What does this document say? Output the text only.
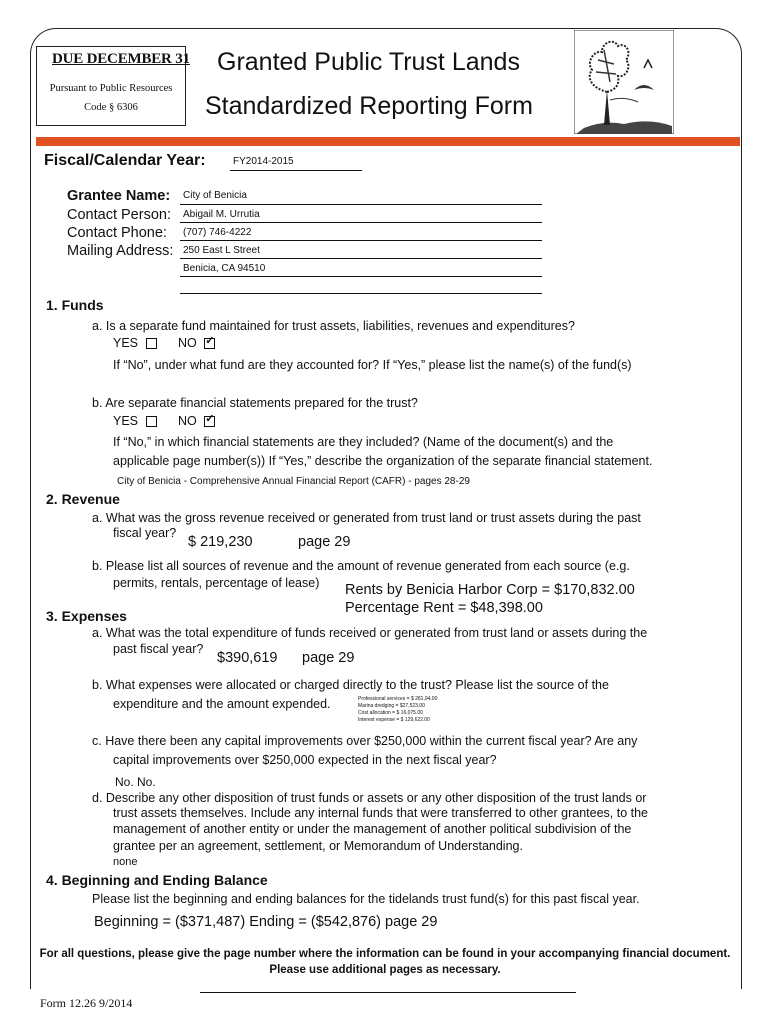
DUE DECEMBER 31
Pursuant to Public Resources Code § 6306
Granted Public Trust Lands
Standardized Reporting Form
Fiscal/Calendar Year:	FY2014-2015
Grantee Name: City of Benicia
Contact Person: Abigail M. Urrutia
Contact Phone: (707) 746-4222
Mailing Address: 250 East L Street
Benicia, CA 94510
1. Funds
a. Is a separate fund maintained for trust assets, liabilities, revenues and expenditures?
YES	NO ✓
If “No”, under what fund are they accounted for? If “Yes,” please list the name(s) of the fund(s)
b. Are separate financial statements prepared for the trust?
YES	NO ✓
If “No,” in which financial statements are they included? (Name of the document(s) and the
applicable page number(s)) If “Yes,” describe the organization of the separate financial statement.
City of Benicia - Comprehensive Annual Financial Report (CAFR) - pages 28-29
2. Revenue
a. What was the gross revenue received or generated from trust land or trust assets during the past
fiscal year?
$ 219,230	page 29
b. Please list all sources of revenue and the amount of revenue generated from each source (e.g.
permits, rentals, percentage of lease) Rents by Benicia Harbor Corp = $170,832.00
Percentage Rent = $48,398.00
3. Expenses
a. What was the total expenditure of funds received or generated from trust land or assets during the
past fiscal year?
$390,619 page 29
b. What expenses were allocated or charged directly to the trust? Please list the source of the
expenditure and the amount expended.	Professional services = $ 281,94.00
Marina dredging = $27,523.00
Cost allocation = $ 16,075.00
Interest expense = $ 129,622.00
c. Have there been any capital improvements over $250,000 within the current fiscal year? Are any
capital improvements over $250,000 expected in the next fiscal year?
No. No.
d. Describe any other disposition of trust funds or assets or any other disposition of the trust lands or
trust assets themselves. Include any internal funds that were transferred to other grantees, to the
management of another entity or under the management of another political subdivision of the
grantee per an agreement, settlement, or Memorandum of Understanding.
none
4. Beginning and Ending Balance
Please list the beginning and ending balances for the tidelands trust fund(s) for this past fiscal year.
Beginning = ($371,487) Ending = ($542,876) page 29
For all questions, please give the page number where the information can be found in your accompanying financial document. Please use additional pages as necessary.
Form 12.26 9/2014
